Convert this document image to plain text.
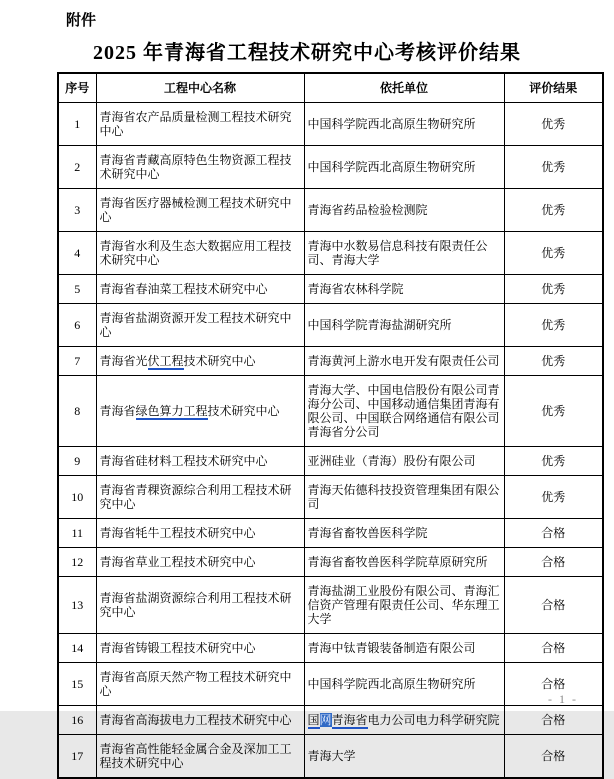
附件
2025 年青海省工程技术研究中心考核评价结果
序号	工程中心名称	依托单位	评价结果
1	青海省农产品质量检测工程技术研究中心	中国科学院西北高原生物研究所	优秀
2	青海省青藏高原特色生物资源工程技术研究中心	中国科学院西北高原生物研究所	优秀
3	青海省医疗器械检测工程技术研究中心	青海省药品检验检测院	优秀
4	青海省水利及生态大数据应用工程技术研究中心	青海中水数易信息科技有限责任公司、青海大学	优秀
5	青海省春油菜工程技术研究中心	青海省农林科学院	优秀
6	青海省盐湖资源开发工程技术研究中心	中国科学院青海盐湖研究所	优秀
7	青海省光伏工程技术研究中心	青海黄河上游水电开发有限责任公司	优秀
8	青海省绿色算力工程技术研究中心	青海大学、中国电信股份有限公司青海分公司、中国移动通信集团青海有限公司、中国联合网络通信有限公司青海省分公司	优秀
9	青海省硅材料工程技术研究中心	亚洲硅业（青海）股份有限公司	优秀
10	青海省青稞资源综合利用工程技术研究中心	青海天佑德科技投资管理集团有限公司	优秀
11	青海省牦牛工程技术研究中心	青海省畜牧兽医科学院	合格
12	青海省草业工程技术研究中心	青海省畜牧兽医科学院草原研究所	合格
13	青海省盐湖资源综合利用工程技术研究中心	青海盐湖工业股份有限公司、青海汇信资产管理有限责任公司、华东理工大学	合格
14	青海省铸锻工程技术研究中心	青海中钛青锻装备制造有限公司	合格
15	青海省高原天然产物工程技术研究中心	中国科学院西北高原生物研究所	合格
16	青海省高海拔电力工程技术研究中心	国网青海省电力公司电力科学研究院	合格
17	青海省高性能轻金属合金及深加工工程技术研究中心	青海大学	合格
- 1 -
